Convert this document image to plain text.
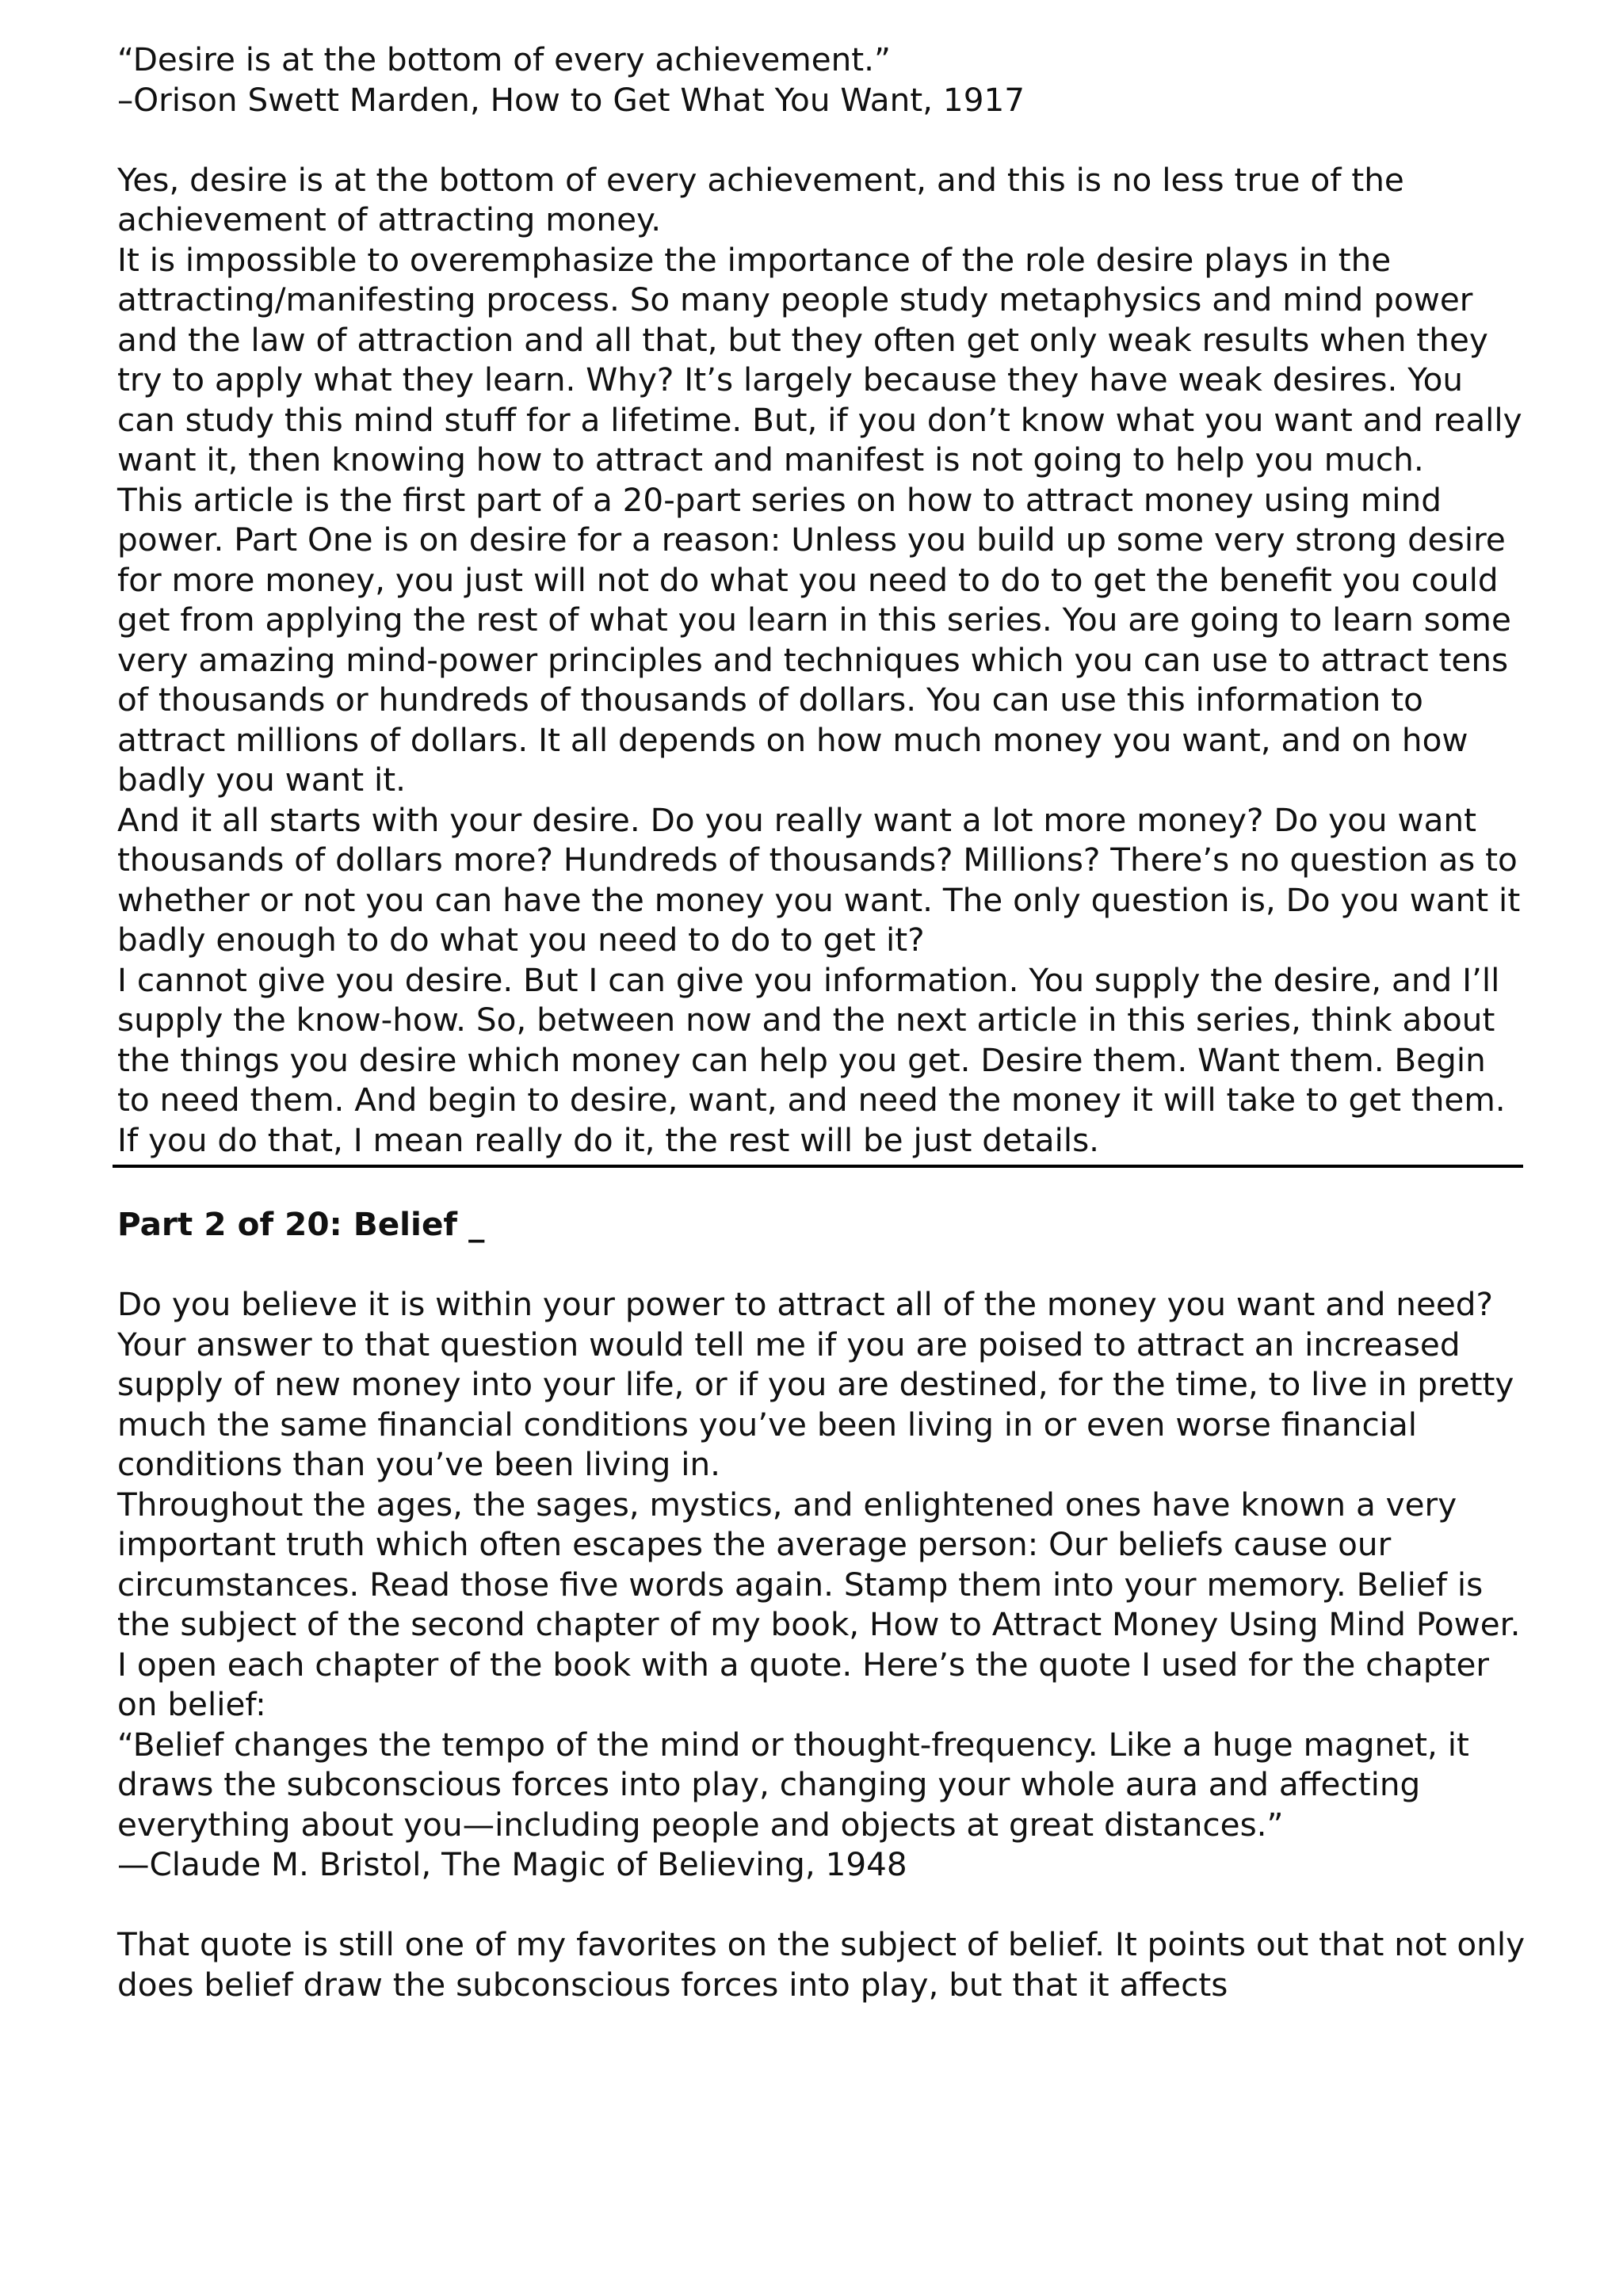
“Desire is at the bottom of every achievement.”

–Orison Swett Marden, How to Get What You Want, 1917

Yes, desire is at the bottom of every achievement, and this is no less true of the achievement of attracting money.

It is impossible to overemphasize the importance of the role desire plays in the attracting/manifesting process. So many people study metaphysics and mind power and the law of attraction and all that, but they often get only weak results when they try to apply what they learn. Why? It’s largely because they have weak desires. You can study this mind stuff for a lifetime. But, if you don’t know what you want and really want it, then knowing how to attract and manifest is not going to help you much.

This article is the first part of a 20-part series on how to attract money using mind power. Part One is on desire for a reason: Unless you build up some very strong desire for more money, you just will not do what you need to do to get the benefit you could get from applying the rest of what you learn in this series. You are going to learn some very amazing mind-power principles and techniques which you can use to attract tens of thousands or hundreds of thousands of dollars. You can use this information to attract millions of dollars. It all depends on how much money you want, and on how badly you want it.

And it all starts with your desire. Do you really want a lot more money? Do you want thousands of dollars more? Hundreds of thousands? Millions? There’s no question as to whether or not you can have the money you want. The only question is, Do you want it badly enough to do what you need to do to get it?

I cannot give you desire. But I can give you information. You supply the desire, and I’ll supply the know-how. So, between now and the next article in this series, think about the things you desire which money can help you get. Desire them. Want them. Begin to need them. And begin to desire, want, and need the money it will take to get them. If you do that, I mean really do it, the rest will be just details.

Part 2 of 20: Belief _

Do you believe it is within your power to attract all of the money you want and need? Your answer to that question would tell me if you are poised to attract an increased supply of new money into your life, or if you are destined, for the time, to live in pretty much the same financial conditions you’ve been living in or even worse financial conditions than you’ve been living in.

Throughout the ages, the sages, mystics, and enlightened ones have known a very important truth which often escapes the average person: Our beliefs cause our circumstances. Read those five words again. Stamp them into your memory. Belief is the subject of the second chapter of my book, How to Attract Money Using Mind Power. I open each chapter of the book with a quote. Here’s the quote I used for the chapter on belief:

“Belief changes the tempo of the mind or thought-frequency. Like a huge magnet, it draws the subconscious forces into play, changing your whole aura and affecting everything about you—including people and objects at great distances.”

—Claude M. Bristol, The Magic of Believing, 1948

That quote is still one of my favorites on the subject of belief. It points out that not only does belief draw the subconscious forces into play, but that it affects
